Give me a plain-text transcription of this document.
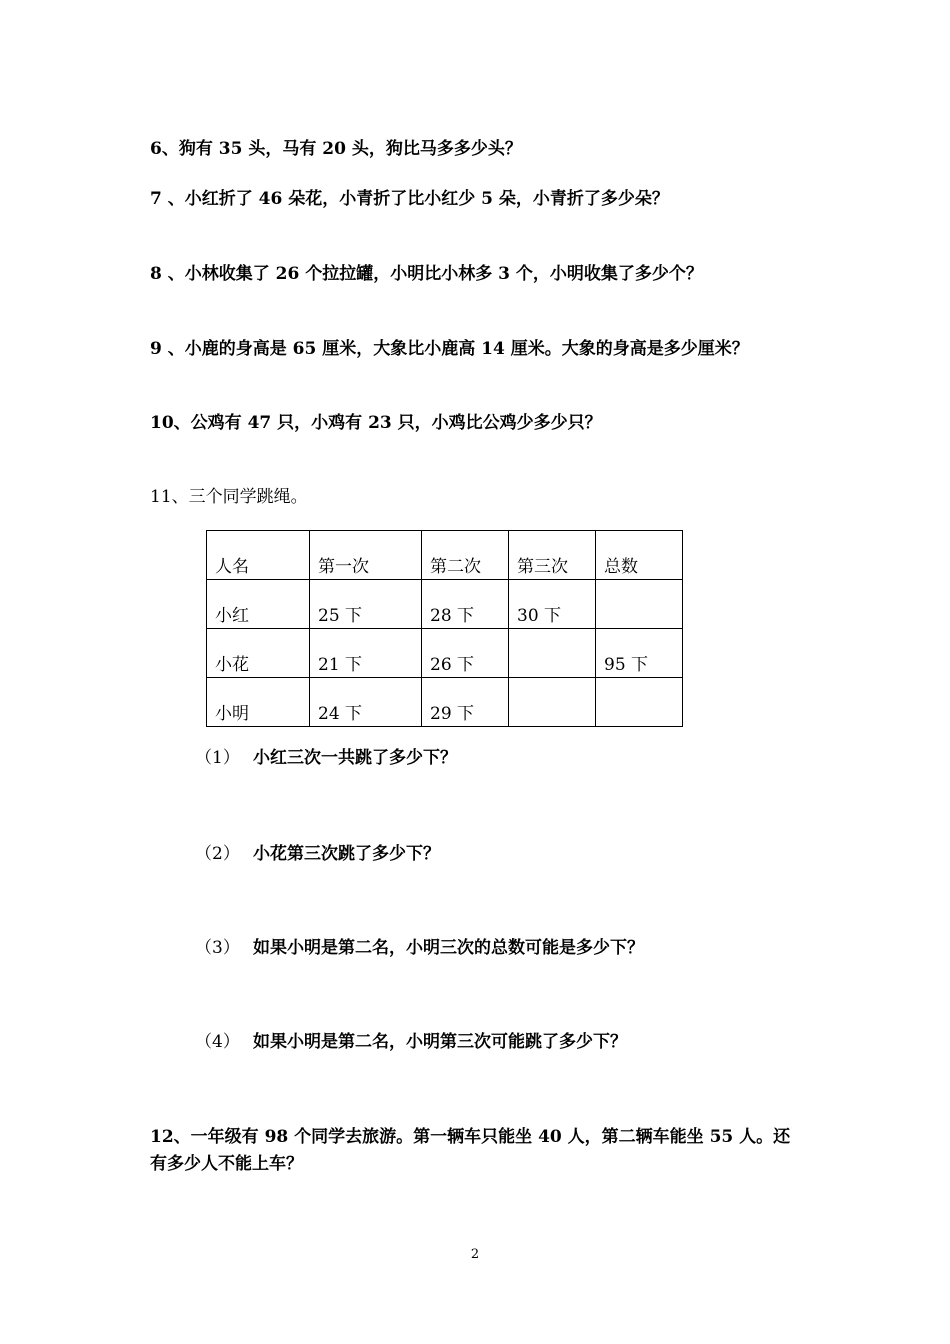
6、狗有 35 头，马有 20 头，狗比马多多少头？
7 、小红折了 46 朵花，小青折了比小红少 5 朵，小青折了多少朵？
8 、小林收集了 26 个拉拉罐，小明比小林多 3 个，小明收集了多少个？
9 、小鹿的身高是 65 厘米，大象比小鹿高 14 厘米。大象的身高是多少厘米？
10、公鸡有 47 只，小鸡有 23 只，小鸡比公鸡少多少只？
11、三个同学跳绳。
人名	第一次	第二次	第三次	总数
小红	25 下	28 下	30 下	
小花	21 下	26 下		95 下
小明	24 下	29 下		
（1） 小红三次一共跳了多少下？
（2） 小花第三次跳了多少下？
（3） 如果小明是第二名，小明三次的总数可能是多少下？
（4） 如果小明是第二名，小明第三次可能跳了多少下？
12、一年级有 98 个同学去旅游。第一辆车只能坐 40 人，第二辆车能坐 55 人。还
有多少人不能上车？
2
